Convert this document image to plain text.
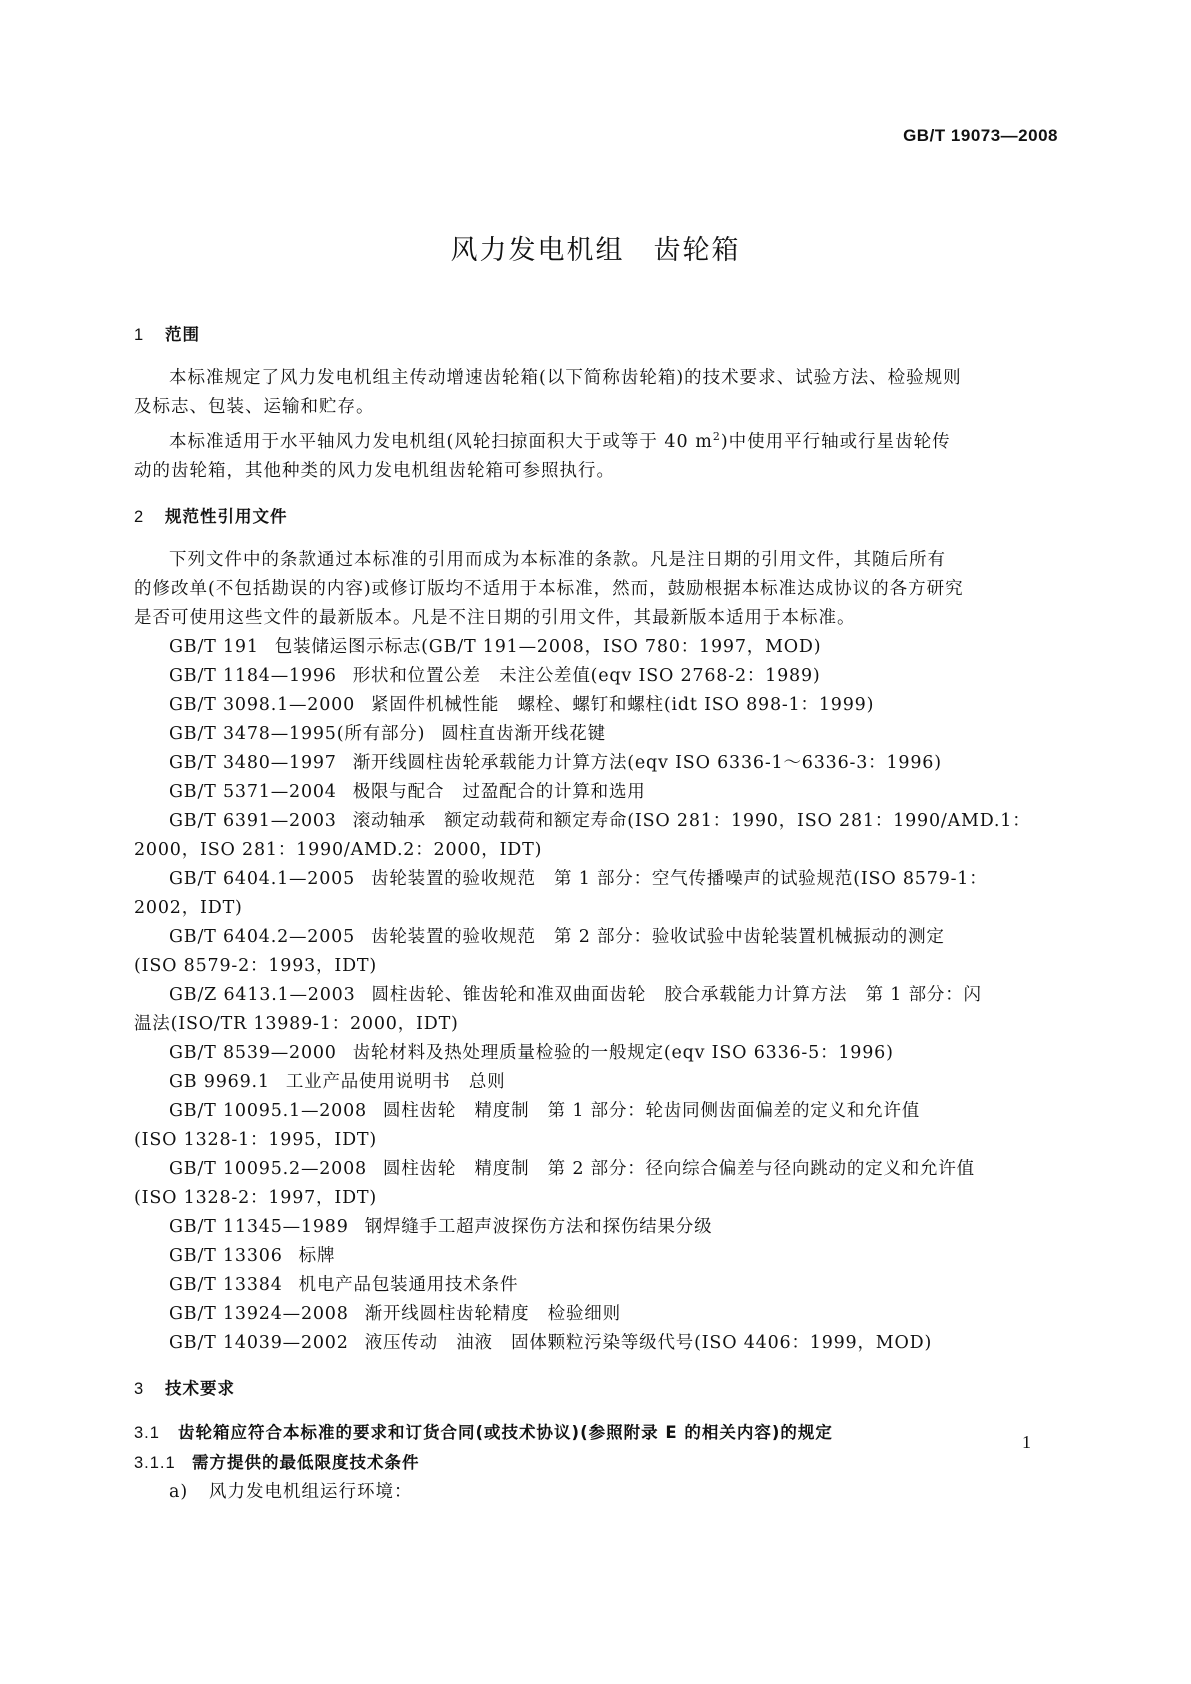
GB/T 19073—2008
风力发电机组　齿轮箱
1 范围
本标准规定了风力发电机组主传动增速齿轮箱(以下简称齿轮箱)的技术要求、试验方法、检验规则
及标志、包装、运输和贮存。
本标准适用于水平轴风力发电机组(风轮扫掠面积大于或等于 40 $m^2$)中使用平行轴或行星齿轮传
动的齿轮箱，其他种类的风力发电机组齿轮箱可参照执行。
2 规范性引用文件
下列文件中的条款通过本标准的引用而成为本标准的条款。凡是注日期的引用文件，其随后所有
的修改单(不包括勘误的内容)或修订版均不适用于本标准，然而，鼓励根据本标准达成协议的各方研究
是否可使用这些文件的最新版本。凡是不注日期的引用文件，其最新版本适用于本标准。
GB/T 191 包装储运图示标志(GB/T 191—2008，ISO 780：1997，MOD)
GB/T 1184—1996 形状和位置公差　未注公差值(eqv ISO 2768-2：1989)
GB/T 3098.1—2000 紧固件机械性能　螺栓、螺钉和螺柱(idt ISO 898-1：1999)
GB/T 3478—1995(所有部分) 圆柱直齿渐开线花键
GB/T 3480—1997 渐开线圆柱齿轮承载能力计算方法(eqv ISO 6336-1～6336-3：1996)
GB/T 5371—2004 极限与配合　过盈配合的计算和选用
GB/T 6391—2003 滚动轴承　额定动载荷和额定寿命(ISO 281：1990，ISO 281：1990/AMD.1：
2000，ISO 281：1990/AMD.2：2000，IDT)
GB/T 6404.1—2005 齿轮装置的验收规范　第 1 部分：空气传播噪声的试验规范(ISO 8579-1：
2002，IDT)
GB/T 6404.2—2005 齿轮装置的验收规范　第 2 部分：验收试验中齿轮装置机械振动的测定
(ISO 8579-2：1993，IDT)
GB/Z 6413.1—2003 圆柱齿轮、锥齿轮和准双曲面齿轮　胶合承载能力计算方法　第 1 部分：闪
温法(ISO/TR 13989-1：2000，IDT)
GB/T 8539—2000 齿轮材料及热处理质量检验的一般规定(eqv ISO 6336-5：1996)
GB 9969.1 工业产品使用说明书　总则
GB/T 10095.1—2008 圆柱齿轮　精度制　第 1 部分：轮齿同侧齿面偏差的定义和允许值
(ISO 1328-1：1995，IDT)
GB/T 10095.2—2008 圆柱齿轮　精度制　第 2 部分：径向综合偏差与径向跳动的定义和允许值
(ISO 1328-2：1997，IDT)
GB/T 11345—1989 钢焊缝手工超声波探伤方法和探伤结果分级
GB/T 13306 标牌
GB/T 13384 机电产品包装通用技术条件
GB/T 13924—2008 渐开线圆柱齿轮精度　检验细则
GB/T 14039—2002 液压传动　油液　固体颗粒污染等级代号(ISO 4406：1999，MOD)
3 技术要求
3.1 齿轮箱应符合本标准的要求和订货合同(或技术协议)(参照附录 E 的相关内容)的规定
3.1.1 需方提供的最低限度技术条件
a) 风力发电机组运行环境：
1
